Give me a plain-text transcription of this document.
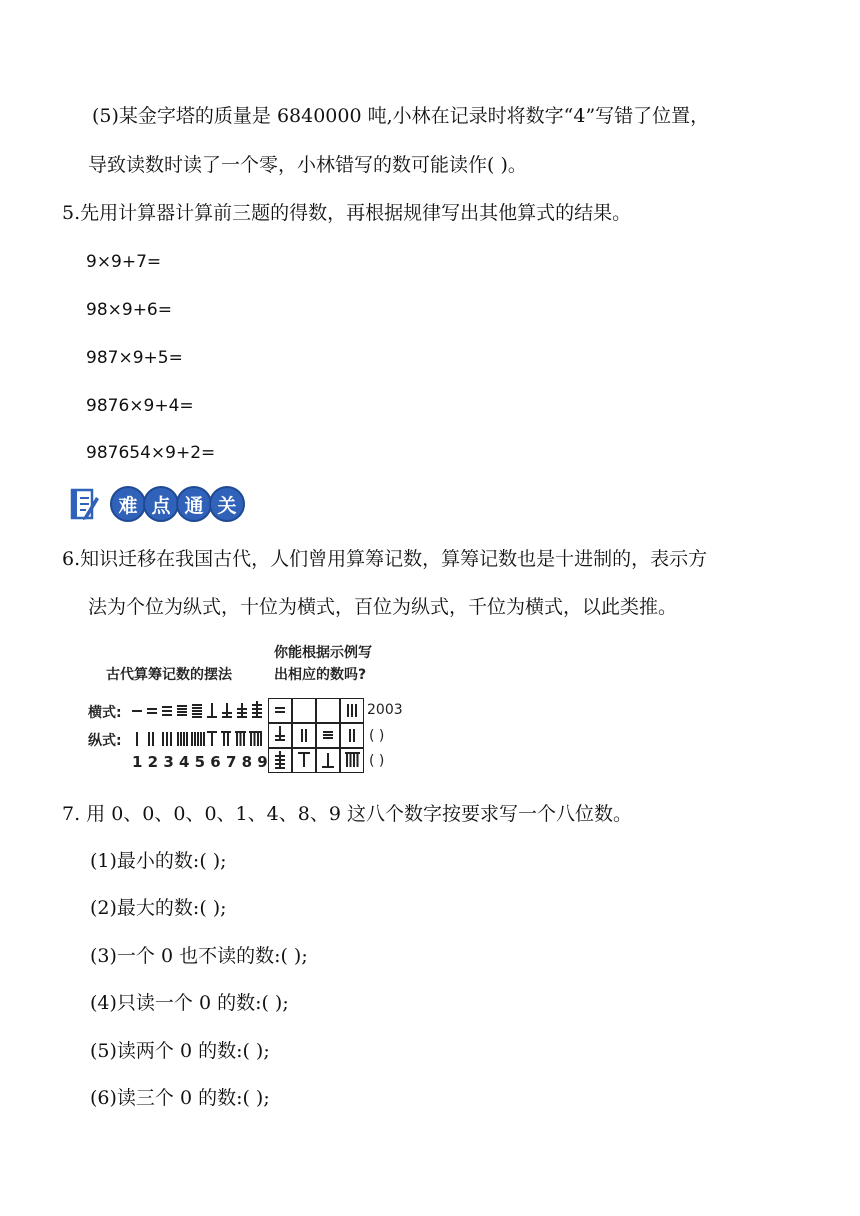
(5)某金字塔的质量是 6840000 吨,小林在记录时将数字“4”写错了位置，
导致读数时读了一个零，小林错写的数可能读作( )。
5.先用计算器计算前三题的得数，再根据规律写出其他算式的结果。
9×9+7=
98×9+6=
987×9+5=
9876×9+4=
987654×9+2=
难 点 通 关
6.知识迁移在我国古代，人们曾用算筹记数，算筹记数也是十进制的，表示方
法为个位为纵式，十位为横式，百位为纵式，千位为横式，以此类推。
古代算筹记数的摆法
你能根据示例写
出相应的数吗?
横式:
纵式:
1 2 3 4 5 6 7 8 9
2003
( )
( )
7. 用 0、0、0、0、1、4、8、9 这八个数字按要求写一个八位数。
(1)最小的数:( );
(2)最大的数:( );
(3)一个 0 也不读的数:( );
(4)只读一个 0 的数:( );
(5)读两个 0 的数:( );
(6)读三个 0 的数:( );
